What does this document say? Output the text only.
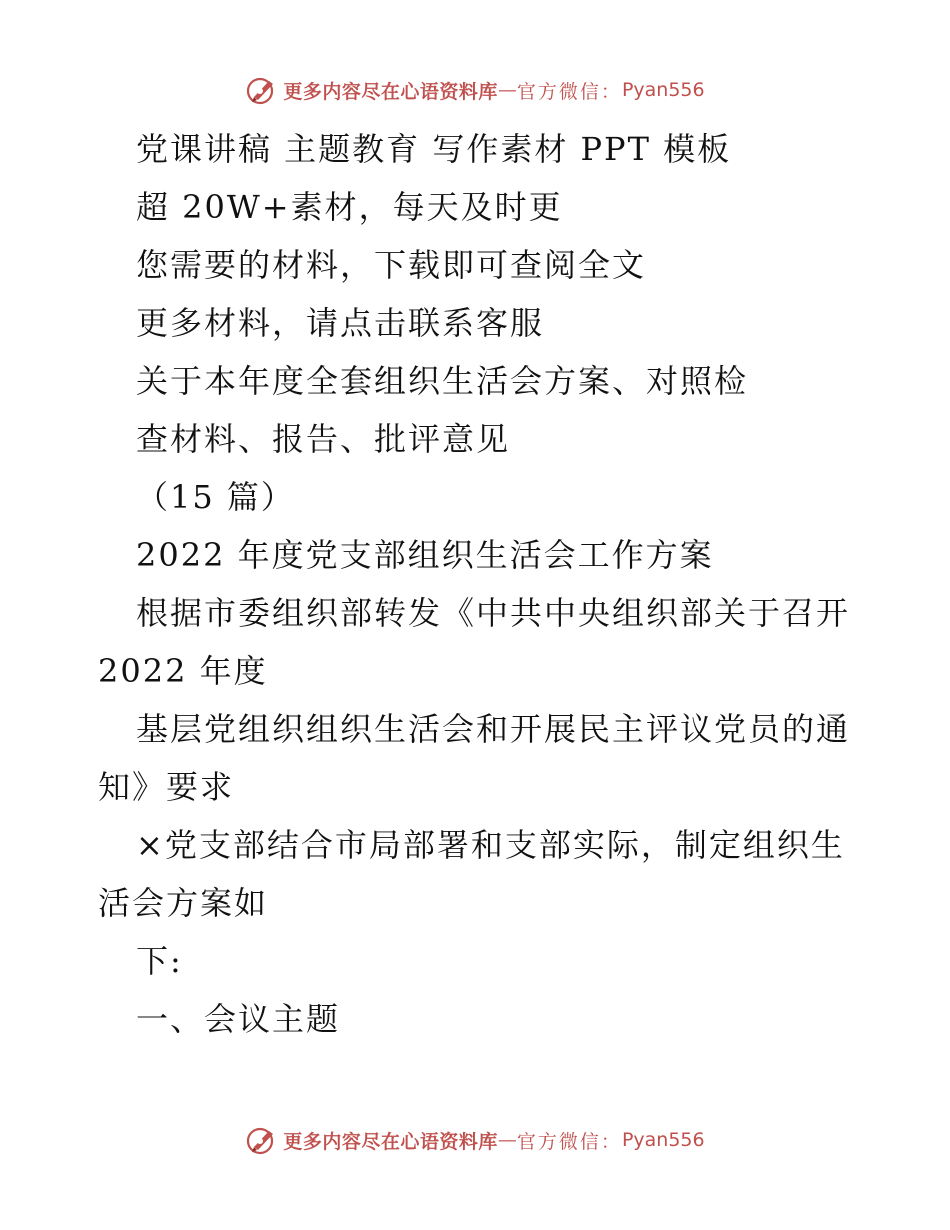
更多内容尽在心语资料库 — 官方微信： Pyan556
党课讲稿 主题教育 写作素材 PPT 模板
超 20W+素材，每天及时更
您需要的材料，下载即可查阅全文
更多材料，请点击联系客服
关于本年度全套组织生活会方案、对照检
查材料、报告、批评意见
（15 篇）
2022 年度党支部组织生活会工作方案
根据市委组织部转发《中共中央组织部关于召开
2022 年度
基层党组织组织生活会和开展民主评议党员的通
知》要求
×党支部结合市局部署和支部实际，制定组织生
活会方案如
下:
一、会议主题
更多内容尽在心语资料库 — 官方微信： Pyan556
